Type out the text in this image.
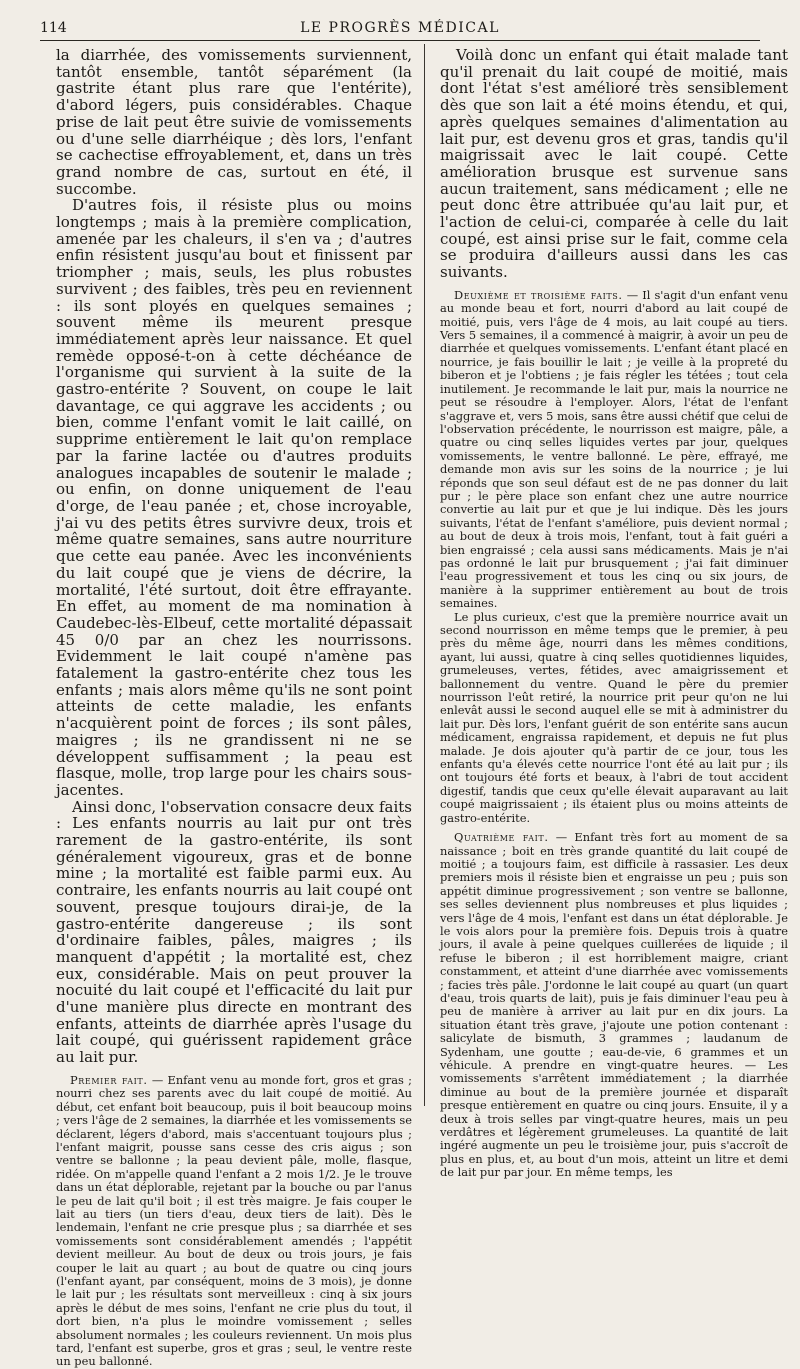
114	LE PROGRÈS MÉDICAL

la diarrhée, des vomissements surviennent, tantôt ensemble, tantôt séparément (la gastrite étant plus rare que l'entérite), d'abord légers, puis considérables. Chaque prise de lait peut être suivie de vomissements ou d'une selle diarrhéique ; dès lors, l'enfant se cachectise effroyablement, et, dans un très grand nombre de cas, surtout en été, il succombe.

D'autres fois, il résiste plus ou moins longtemps ; mais à la première complication, amenée par les chaleurs, il s'en va ; d'autres enfin résistent jusqu'au bout et finissent par triompher ; mais, seuls, les plus robustes survivent ; des faibles, très peu en reviennent : ils sont ployés en quelques semaines ; souvent même ils meurent presque immédiatement après leur naissance. Et quel remède opposé-t-on à cette déchéance de l'organisme qui survient à la suite de la gastro-entérite ? Souvent, on coupe le lait davantage, ce qui aggrave les accidents ; ou bien, comme l'enfant vomit le lait caillé, on supprime entièrement le lait qu'on remplace par la farine lactée ou d'autres produits analogues incapables de soutenir le malade ; ou enfin, on donne uniquement de l'eau d'orge, de l'eau panée ; et, chose incroyable, j'ai vu des petits êtres survivre deux, trois et même quatre semaines, sans autre nourriture que cette eau panée. Avec les inconvénients du lait coupé que je viens de décrire, la mortalité, l'été surtout, doit être effrayante. En effet, au moment de ma nomination à Caudebec-lès-Elbeuf, cette mortalité dépassait 45 0/0 par an chez les nourrissons. Evidemment le lait coupé n'amène pas fatalement la gastro-entérite chez tous les enfants ; mais alors même qu'ils ne sont point atteints de cette maladie, les enfants n'acquièrent point de forces ; ils sont pâles, maigres ; ils ne grandissent ni ne se développent suffisamment ; la peau est flasque, molle, trop large pour les chairs sous-jacentes.

Ainsi donc, l'observation consacre deux faits : Les enfants nourris au lait pur ont très rarement de la gastro-entérite, ils sont généralement vigoureux, gras et de bonne mine ; la mortalité est faible parmi eux. Au contraire, les enfants nourris au lait coupé ont souvent, presque toujours dirai-je, de la gastro-entérite dangereuse ; ils sont d'ordinaire faibles, pâles, maigres ; ils manquent d'appétit ; la mortalité est, chez eux, considérable. Mais on peut prouver la nocuité du lait coupé et l'efficacité du lait pur d'une manière plus directe en montrant des enfants, atteints de diarrhée après l'usage du lait coupé, qui guérissent rapidement grâce au lait pur.

Premier fait. — Enfant venu au monde fort, gros et gras ; nourri chez ses parents avec du lait coupé de moitié. Au début, cet enfant boit beaucoup, puis il boit beaucoup moins ; vers l'âge de 2 semaines, la diarrhée et les vomissements se déclarent, légers d'abord, mais s'accentuant toujours plus ; l'enfant maigrit, pousse sans cesse des cris aigus ; son ventre se ballonne ; la peau devient pâle, molle, flasque, ridée. On m'appelle quand l'enfant a 2 mois 1/2. Je le trouve dans un état déplorable, rejetant par la bouche ou par l'anus le peu de lait qu'il boit ; il est très maigre. Je fais couper le lait au tiers (un tiers d'eau, deux tiers de lait). Dès le lendemain, l'enfant ne crie presque plus ; sa diarrhée et ses vomissements sont considérablement amendés ; l'appétit devient meilleur. Au bout de deux ou trois jours, je fais couper le lait au quart ; au bout de quatre ou cinq jours (l'enfant ayant, par conséquent, moins de 3 mois), je donne le lait pur ; les résultats sont merveilleux : cinq à six jours après le début de mes soins, l'enfant ne crie plus du tout, il dort bien, n'a plus le moindre vomissement ; selles absolument normales ; les couleurs reviennent. Un mois plus tard, l'enfant est superbe, gros et gras ; seul, le ventre reste un peu ballonné.

Voilà donc un enfant qui était malade tant qu'il prenait du lait coupé de moitié, mais dont l'état s'est amélioré très sensiblement dès que son lait a été moins étendu, et qui, après quelques semaines d'alimentation au lait pur, est devenu gros et gras, tandis qu'il maigrissait avec le lait coupé. Cette amélioration brusque est survenue sans aucun traitement, sans médicament ; elle ne peut donc être attribuée qu'au lait pur, et l'action de celui-ci, comparée à celle du lait coupé, est ainsi prise sur le fait, comme cela se produira d'ailleurs aussi dans les cas suivants.

Deuxième et troisième faits. — Il s'agit d'un enfant venu au monde beau et fort, nourri d'abord au lait coupé de moitié, puis, vers l'âge de 4 mois, au lait coupé au tiers. Vers 5 semaines, il a commencé à maigrir, à avoir un peu de diarrhée et quelques vomissements. L'enfant étant placé en nourrice, je fais bouillir le lait ; je veille à la propreté du biberon et je l'obtiens ; je fais régler les tétées ; tout cela inutilement. Je recommande le lait pur, mais la nourrice ne peut se résoudre à l'employer. Alors, l'état de l'enfant s'aggrave et, vers 5 mois, sans être aussi chétif que celui de l'observation précédente, le nourrisson est maigre, pâle, a quatre ou cinq selles liquides vertes par jour, quelques vomissements, le ventre ballonné. Le père, effrayé, me demande mon avis sur les soins de la nourrice ; je lui réponds que son seul défaut est de ne pas donner du lait pur ; le père place son enfant chez une autre nourrice convertie au lait pur et que je lui indique. Dès les jours suivants, l'état de l'enfant s'améliore, puis devient normal ; au bout de deux à trois mois, l'enfant, tout à fait guéri a bien engraissé ; cela aussi sans médicaments. Mais je n'ai pas ordonné le lait pur brusquement ; j'ai fait diminuer l'eau progressivement et tous les cinq ou six jours, de manière à la supprimer entièrement au bout de trois semaines.

Le plus curieux, c'est que la première nourrice avait un second nourrisson en même temps que le premier, à peu près du même âge, nourri dans les mêmes conditions, ayant, lui aussi, quatre à cinq selles quotidiennes liquides, grumeleuses, vertes, fétides, avec amaigrissement et ballonnement du ventre. Quand le père du premier nourrisson l'eût retiré, la nourrice prit peur qu'on ne lui enlevât aussi le second auquel elle se mit à administrer du lait pur. Dès lors, l'enfant guérit de son entérite sans aucun médicament, engraissa rapidement, et depuis ne fut plus malade. Je dois ajouter qu'à partir de ce jour, tous les enfants qu'a élevés cette nourrice l'ont été au lait pur ; ils ont toujours été forts et beaux, à l'abri de tout accident digestif, tandis que ceux qu'elle élevait auparavant au lait coupé maigrissaient ; ils étaient plus ou moins atteints de gastro-entérite.

Quatrième fait. — Enfant très fort au moment de sa naissance ; boit en très grande quantité du lait coupé de moitié ; a toujours faim, est difficile à rassasier. Les deux premiers mois il résiste bien et engraisse un peu ; puis son appétit diminue progressivement ; son ventre se ballonne, ses selles deviennent plus nombreuses et plus liquides ; vers l'âge de 4 mois, l'enfant est dans un état déplorable. Je le vois alors pour la première fois. Depuis trois à quatre jours, il avale à peine quelques cuillerées de liquide ; il refuse le biberon ; il est horriblement maigre, criant constamment, et atteint d'une diarrhée avec vomissements ; facies très pâle. J'ordonne le lait coupé au quart (un quart d'eau, trois quarts de lait), puis je fais diminuer l'eau peu à peu de manière à arriver au lait pur en dix jours. La situation étant très grave, j'ajoute une potion contenant : salicylate de bismuth, 3 grammes ; laudanum de Sydenham, une goutte ; eau-de-vie, 6 grammes et un véhicule. A prendre en vingt-quatre heures. — Les vomissements s'arrêtent immédiatement ; la diarrhée diminue au bout de la première journée et disparaît presque entièrement en quatre ou cinq jours. Ensuite, il y a deux à trois selles par vingt-quatre heures, mais un peu verdâtres et légèrement grumeleuses. La quantité de lait ingéré augmente un peu le troisième jour, puis s'accroît de plus en plus, et, au bout d'un mois, atteint un litre et demi de lait pur par jour. En même temps, les
